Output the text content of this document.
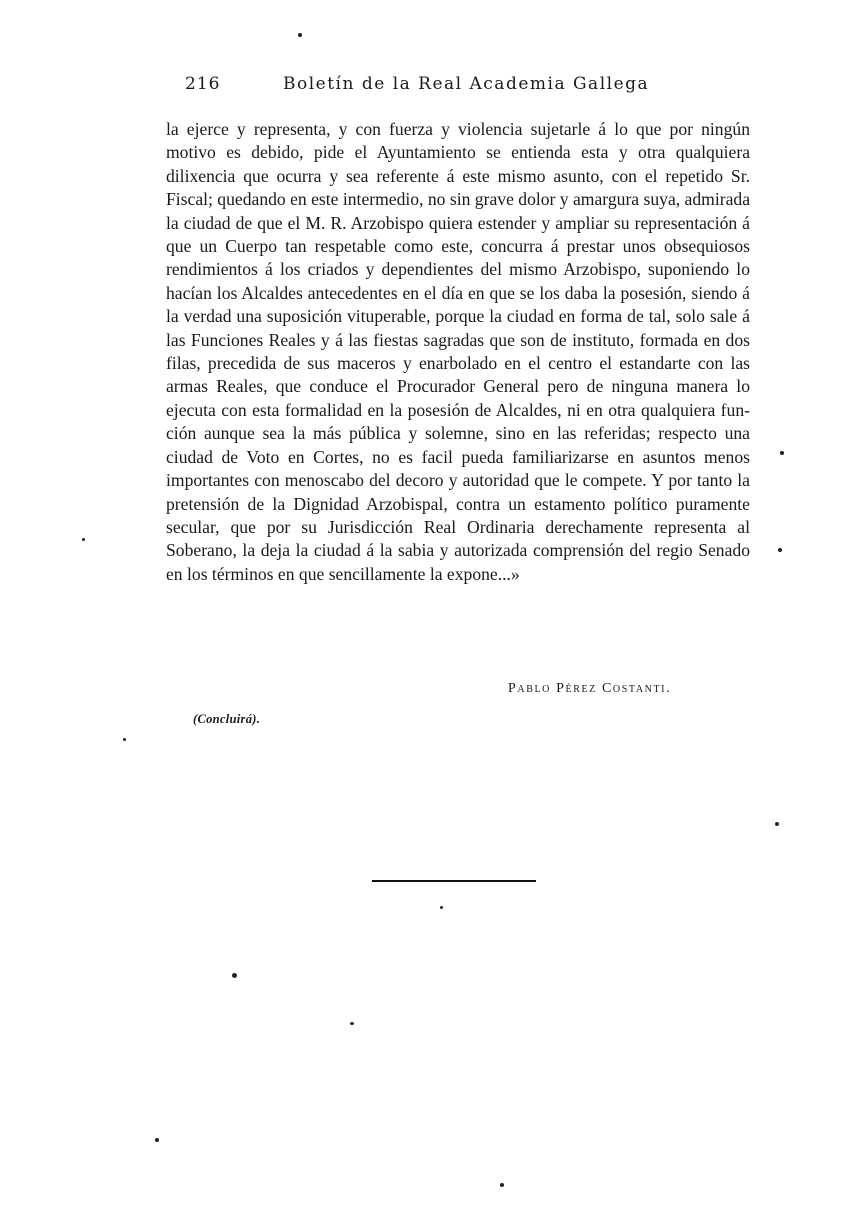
216	Boletín de la Real Academia Gallega

la ejerce y representa, y con fuerza y violencia sujetarle á lo que por ningún motivo es debido, pide el Ayuntamiento se entienda esta y otra qualquiera dilixencia que ocurra y sea referente á este mismo asunto, con el repetido Sr. Fiscal; quedando en este intermedio, no sin grave dolor y amargura suya, admirada la ciudad de que el M. R. Arzobispo quiera estender y ampliar su representación á que un Cuerpo tan respetable como este, concurra á prestar unos obsequiosos rendimientos á los criados y dependientes del mismo Arzobispo, suponiendo lo hacían los Alcaldes antecedentes en el día en que se los daba la posesión, siendo á la verdad una suposición vituperable, porque la ciudad en forma de tal, solo sale á las Funciones Reales y á las fiestas sagradas que son de instituto, formada en dos filas, precedida de sus maceros y enarbolado en el centro el estandarte con las armas Reales, que conduce el Procurador General pero de ninguna manera lo ejecuta con esta formalidad en la posesión de Alcaldes, ni en otra qualquiera función aunque sea la más pública y solemne, sino en las referidas; respecto una ciudad de Voto en Cortes, no es facil pueda familiarizarse en asuntos menos importantes con menoscabo del decoro y autoridad que le compete. Y por tanto la pretensión de la Dignidad Arzobispal, contra un estamento político puramente secular, que por su Jurisdicción Real Ordinaria derechamente representa al Soberano, la deja la ciudad á la sabia y autorizada comprensión del regio Senado en los términos en que sencillamente la expone...»

Pablo Pérez Costanti.
(Concluirá).
